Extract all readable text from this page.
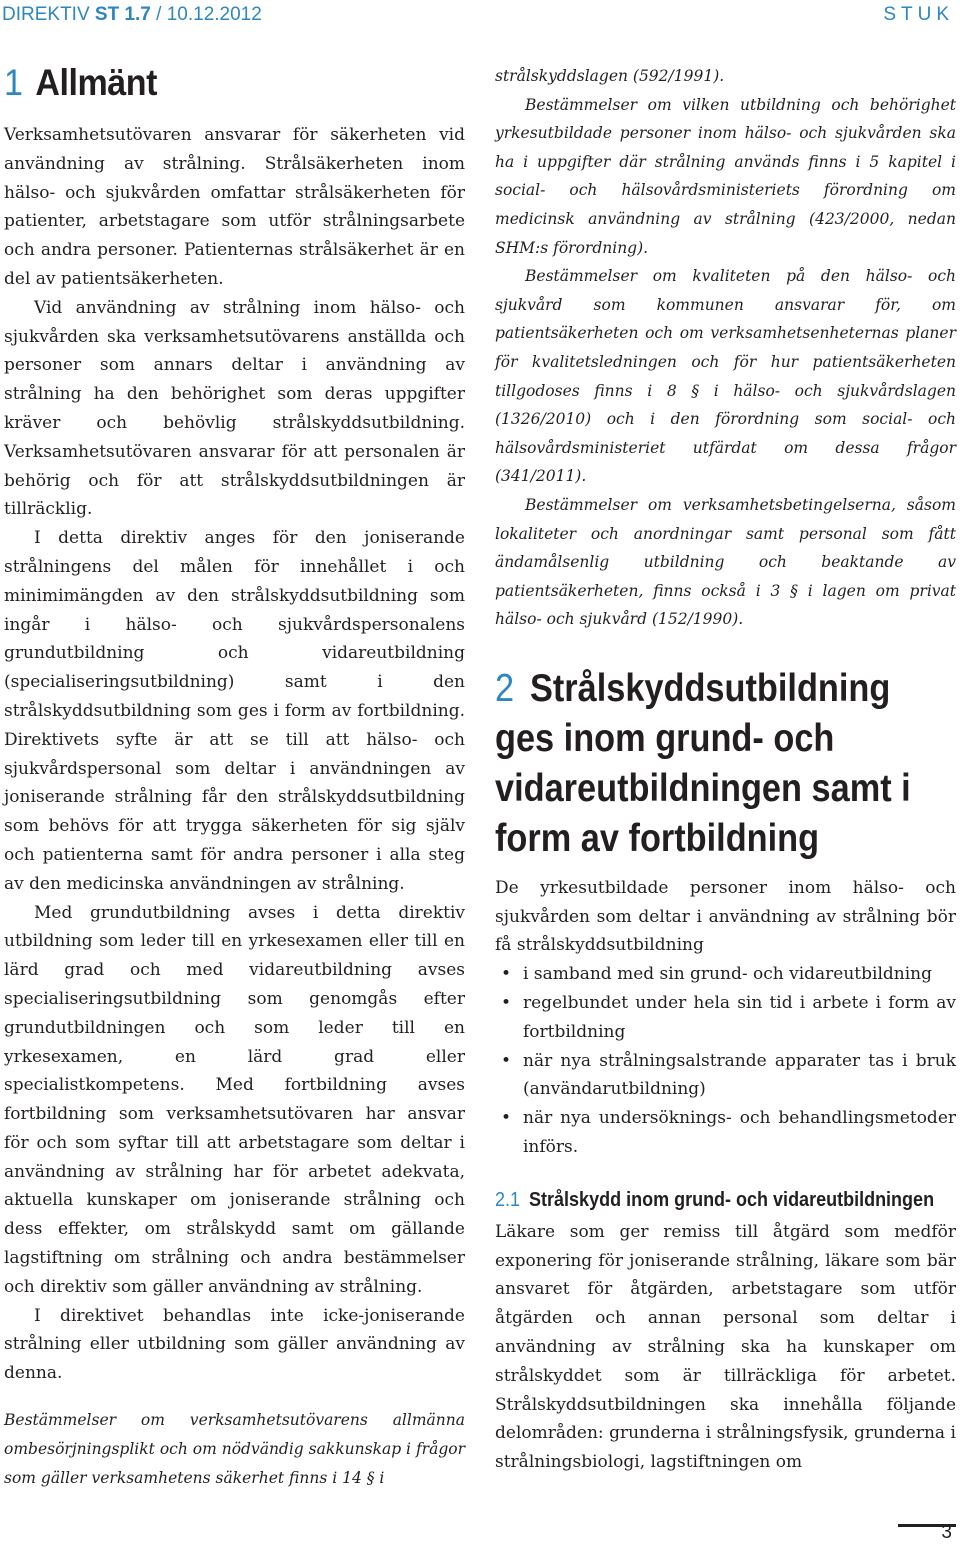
DIREKTIV ST 1.7 / 10.12.2012	STUK
1 Allmänt

Verksamhetsutövaren ansvarar för säkerheten vid användning av strålning. Strålsäkerheten inom hälso- och sjukvården omfattar strålsäkerheten för patienter, arbetstagare som utför strålningsarbete och andra personer. Patienternas strålsäkerhet är en del av patientsäkerheten.

Vid användning av strålning inom hälso- och sjukvården ska verksamhetsutövarens anställda och personer som annars deltar i användning av strålning ha den behörighet som deras uppgifter kräver och behövlig strålskyddsutbildning. Verksamhetsutövaren ansvarar för att personalen är behörig och för att strålskyddsutbildningen är tillräcklig.

I detta direktiv anges för den joniserande strålningens del målen för innehållet i och minimimängden av den strålskyddsutbildning som ingår i hälso- och sjukvårdspersonalens grundutbildning och vidareutbildning (specialiseringsutbildning) samt i den strålskyddsutbildning som ges i form av fortbildning. Direktivets syfte är att se till att hälso- och sjukvårdspersonal som deltar i användningen av joniserande strålning får den strålskyddsutbildning som behövs för att trygga säkerheten för sig själv och patienterna samt för andra personer i alla steg av den medicinska användningen av strålning.

Med grundutbildning avses i detta direktiv utbildning som leder till en yrkesexamen eller till en lärd grad och med vidareutbildning avses specialiseringsutbildning som genomgås efter grundutbildningen och som leder till en yrkesexamen, en lärd grad eller specialistkompetens. Med fortbildning avses fortbildning som verksamhetsutövaren har ansvar för och som syftar till att arbetstagare som deltar i användning av strålning har för arbetet adekvata, aktuella kunskaper om joniserande strålning och dess effekter, om strålskydd samt om gällande lagstiftning om strålning och andra bestämmelser och direktiv som gäller användning av strålning.

I direktivet behandlas inte icke-joniserande strålning eller utbildning som gäller användning av denna.

Bestämmelser om verksamhetsutövarens allmänna ombesörjningsplikt och om nödvändig sakkunskap i frågor som gäller verksamhetens säkerhet finns i 14 § i

strålskyddslagen (592/1991).

Bestämmelser om vilken utbildning och behörighet yrkesutbildade personer inom hälso- och sjukvården ska ha i uppgifter där strålning används finns i 5 kapitel i social- och hälsovårdsministeriets förordning om medicinsk användning av strålning (423/2000, nedan SHM:s förordning).

Bestämmelser om kvaliteten på den hälso- och sjukvård som kommunen ansvarar för, om patientsäkerheten och om verksamhetsenheternas planer för kvalitetsledningen och för hur patientsäkerheten tillgodoses finns i 8 § i hälso- och sjukvårdslagen (1326/2010) och i den förordning som social- och hälsovårdsministeriet utfärdat om dessa frågor (341/2011).

Bestämmelser om verksamhetsbetingelserna, såsom lokaliteter och anordningar samt personal som fått ändamålsenlig utbildning och beaktande av patientsäkerheten, finns också i 3 § i lagen om privat hälso- och sjukvård (152/1990).

2 Strålskyddsutbildning ges inom grund- och vidareutbildningen samt i form av fortbildning

De yrkesutbildade personer inom hälso- och sjukvården som deltar i användning av strålning bör få strålskyddsutbildning

• i samband med sin grund- och vidareutbildning
• regelbundet under hela sin tid i arbete i form av fortbildning
• när nya strålningsalstrande apparater tas i bruk (användarutbildning)
• när nya undersöknings- och behandlingsmetoder införs.
2.1 Strålskydd inom grund- och vidareutbildningen

Läkare som ger remiss till åtgärd som medför exponering för joniserande strålning, läkare som bär ansvaret för åtgärden, arbetstagare som utför åtgärden och annan personal som deltar i användning av strålning ska ha kunskaper om strålskyddet som är tillräckliga för arbetet. Strålskyddsutbildningen ska innehålla följande delområden: grunderna i strålningsfysik, grunderna i strålningsbiologi, lagstiftningen om

3
